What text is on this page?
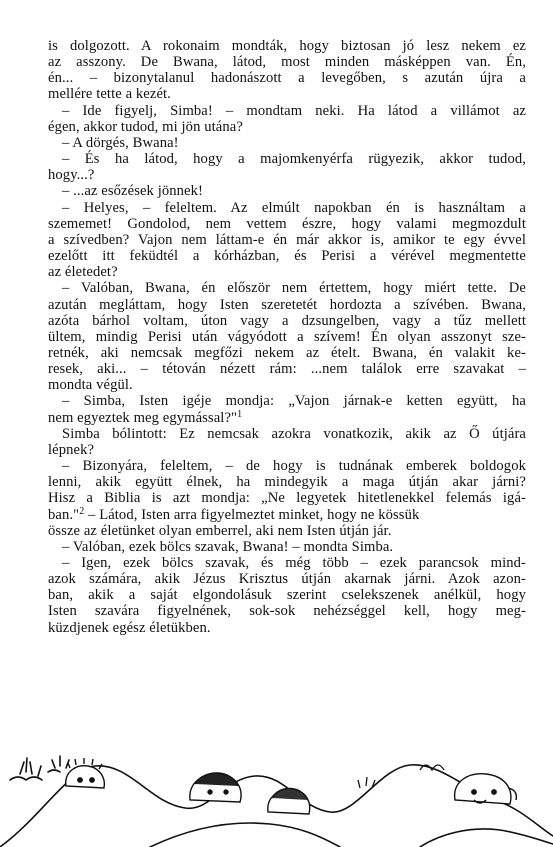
is dolgozott. A rokonaim mondták, hogy biztosan jó lesz nekem ez
az asszony. De Bwana, látod, most minden másképpen van. Én,
én... – bizonytalanul hadonászott a levegőben, s azután újra a
mellére tette a kezét.
– Ide figyelj, Simba! – mondtam neki. Ha látod a villámot az
égen, akkor tudod, mi jön utána?
– A dörgés, Bwana!
– És ha látod, hogy a majomkenyérfa rügyezik, akkor tudod,
hogy...?
– ...az esőzések jönnek!
– Helyes, – feleltem. Az elmúlt napokban én is használtam a
szememet! Gondolod, nem vettem észre, hogy valami megmozdult
a szívedben? Vajon nem láttam-e én már akkor is, amikor te egy évvel
ezelőtt itt feküdtél a kórházban, és Perisi a vérével megmentette
az életedet?
– Valóban, Bwana, én először nem értettem, hogy miért tette. De
azután megláttam, hogy Isten szeretetét hordozta a szívében. Bwana,
azóta bárhol voltam, úton vagy a dzsungelben, vagy a tűz mellett
ültem, mindig Perisi után vágyódott a szívem! Én olyan asszonyt sze-
retnék, aki nemcsak megfőzi nekem az ételt. Bwana, én valakit ke-
resek, aki... – tétován nézett rám: ...nem találok erre szavakat –
mondta végül.
– Simba, Isten igéje mondja: „Vajon járnak-e ketten együtt, ha
nem egyeztek meg egymással?"$^1$
Simba bólintott: Ez nemcsak azokra vonatkozik, akik az Ő útjára
lépnek?
– Bizonyára, feleltem, – de hogy is tudnának emberek boldogok
lenni, akik együtt élnek, ha mindegyik a maga útján akar járni?
Hisz a Biblia is azt mondja: „Ne legyetek hitetlenekkel felemás igá-
ban."$^2$ – Látod, Isten arra figyelmeztet minket, hogy ne kössük
össze az életünket olyan emberrel, aki nem Isten útján jár.
– Valóban, ezek bölcs szavak, Bwana! – mondta Simba.
– Igen, ezek bölcs szavak, és még több – ezek parancsok mind-
azok számára, akik Jézus Krisztus útján akarnak járni. Azok azon-
ban, akik a saját elgondolásuk szerint cselekszenek anélkül, hogy
Isten szavára figyelnének, sok-sok nehézséggel kell, hogy meg-
küzdjenek egész életükben.
